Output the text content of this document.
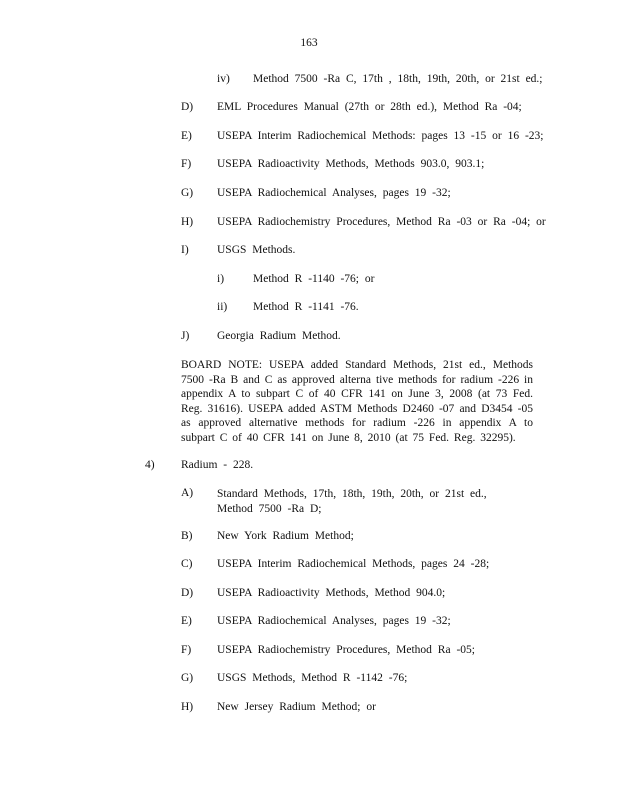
163
iv) Method 7500 -Ra C, 17th , 18th, 19th, 20th, or 21st ed.;
D) EML Procedures Manual (27th or 28th ed.), Method Ra -04;
E) USEPA Interim Radiochemical Methods: pages 13 -15 or 16 -23;
F) USEPA Radioactivity Methods, Methods 903.0, 903.1;
G) USEPA Radiochemical Analyses, pages 19 -32;
H) USEPA Radiochemistry Procedures, Method Ra -03 or Ra -04; or
I) USGS Methods.
i)	Method R -1140 -76; or
ii) Method R -1141 -76.
J) Georgia Radium Method.
BOARD NOTE: USEPA added Standard Methods, 21st ed., Methods 7500 -Ra B and C as approved alterna tive methods for radium -226 in appendix A to subpart C of 40 CFR 141 on June 3, 2008 (at 73 Fed. Reg. 31616). USEPA added ASTM Methods D2460 -07 and D3454 -05 as approved alternative methods for radium -226 in appendix A to subpart C of 40 CFR 141 on June 8, 2010 (at 75 Fed. Reg. 32295).
4) Radium - 228.
A) Standard Methods, 17th, 18th, 19th, 20th, or 21st ed., Method 7500 -Ra D;
B) New York Radium Method;
C) USEPA Interim Radiochemical Methods, pages 24 -28;
D) USEPA Radioactivity Methods, Method 904.0;
E) USEPA Radiochemical Analyses, pages 19 -32;
F) USEPA Radiochemistry Procedures, Method Ra -05;
G) USGS Methods, Method R -1142 -76;
H) New Jersey Radium Method; or
